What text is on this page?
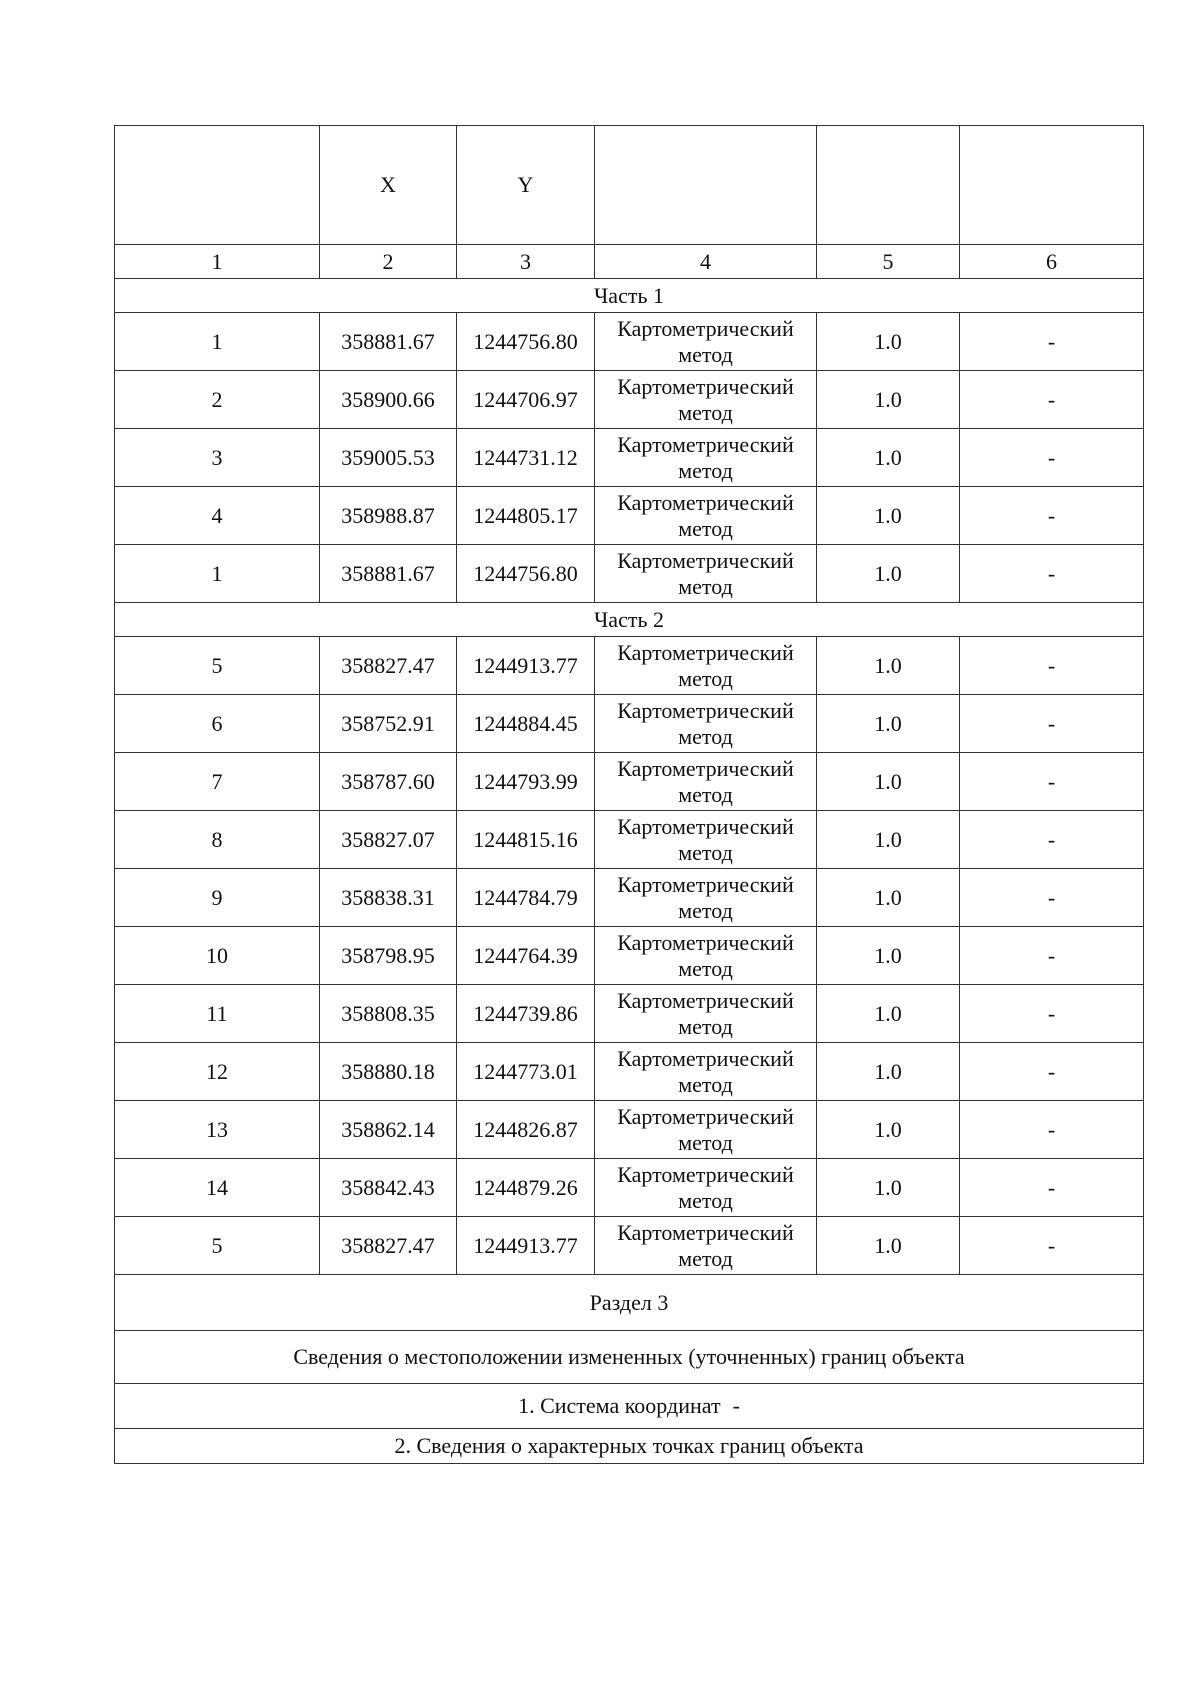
	X	Y			
1	2	3	4	5	6
Часть 1					
1	358881.67	1244756.80	Картометрический
метод	1.0	-
2	358900.66	1244706.97	Картометрический
метод	1.0	-
3	359005.53	1244731.12	Картометрический
метод	1.0	-
4	358988.87	1244805.17	Картометрический
метод	1.0	-
1	358881.67	1244756.80	Картометрический
метод	1.0	-
Часть 2					
5	358827.47	1244913.77	Картометрический
метод	1.0	-
6	358752.91	1244884.45	Картометрический
метод	1.0	-
7	358787.60	1244793.99	Картометрический
метод	1.0	-
8	358827.07	1244815.16	Картометрический
метод	1.0	-
9	358838.31	1244784.79	Картометрический
метод	1.0	-
10	358798.95	1244764.39	Картометрический
метод	1.0	-
11	358808.35	1244739.86	Картометрический
метод	1.0	-
12	358880.18	1244773.01	Картометрический
метод	1.0	-
13	358862.14	1244826.87	Картометрический
метод	1.0	-
14	358842.43	1244879.26	Картометрический
метод	1.0	-
5	358827.47	1244913.77	Картометрический
метод	1.0	-
Раздел 3					
Сведения о местоположении измененных (уточненных) границ объекта					
1. Система координат -					
2. Сведения о характерных точках границ объекта					
